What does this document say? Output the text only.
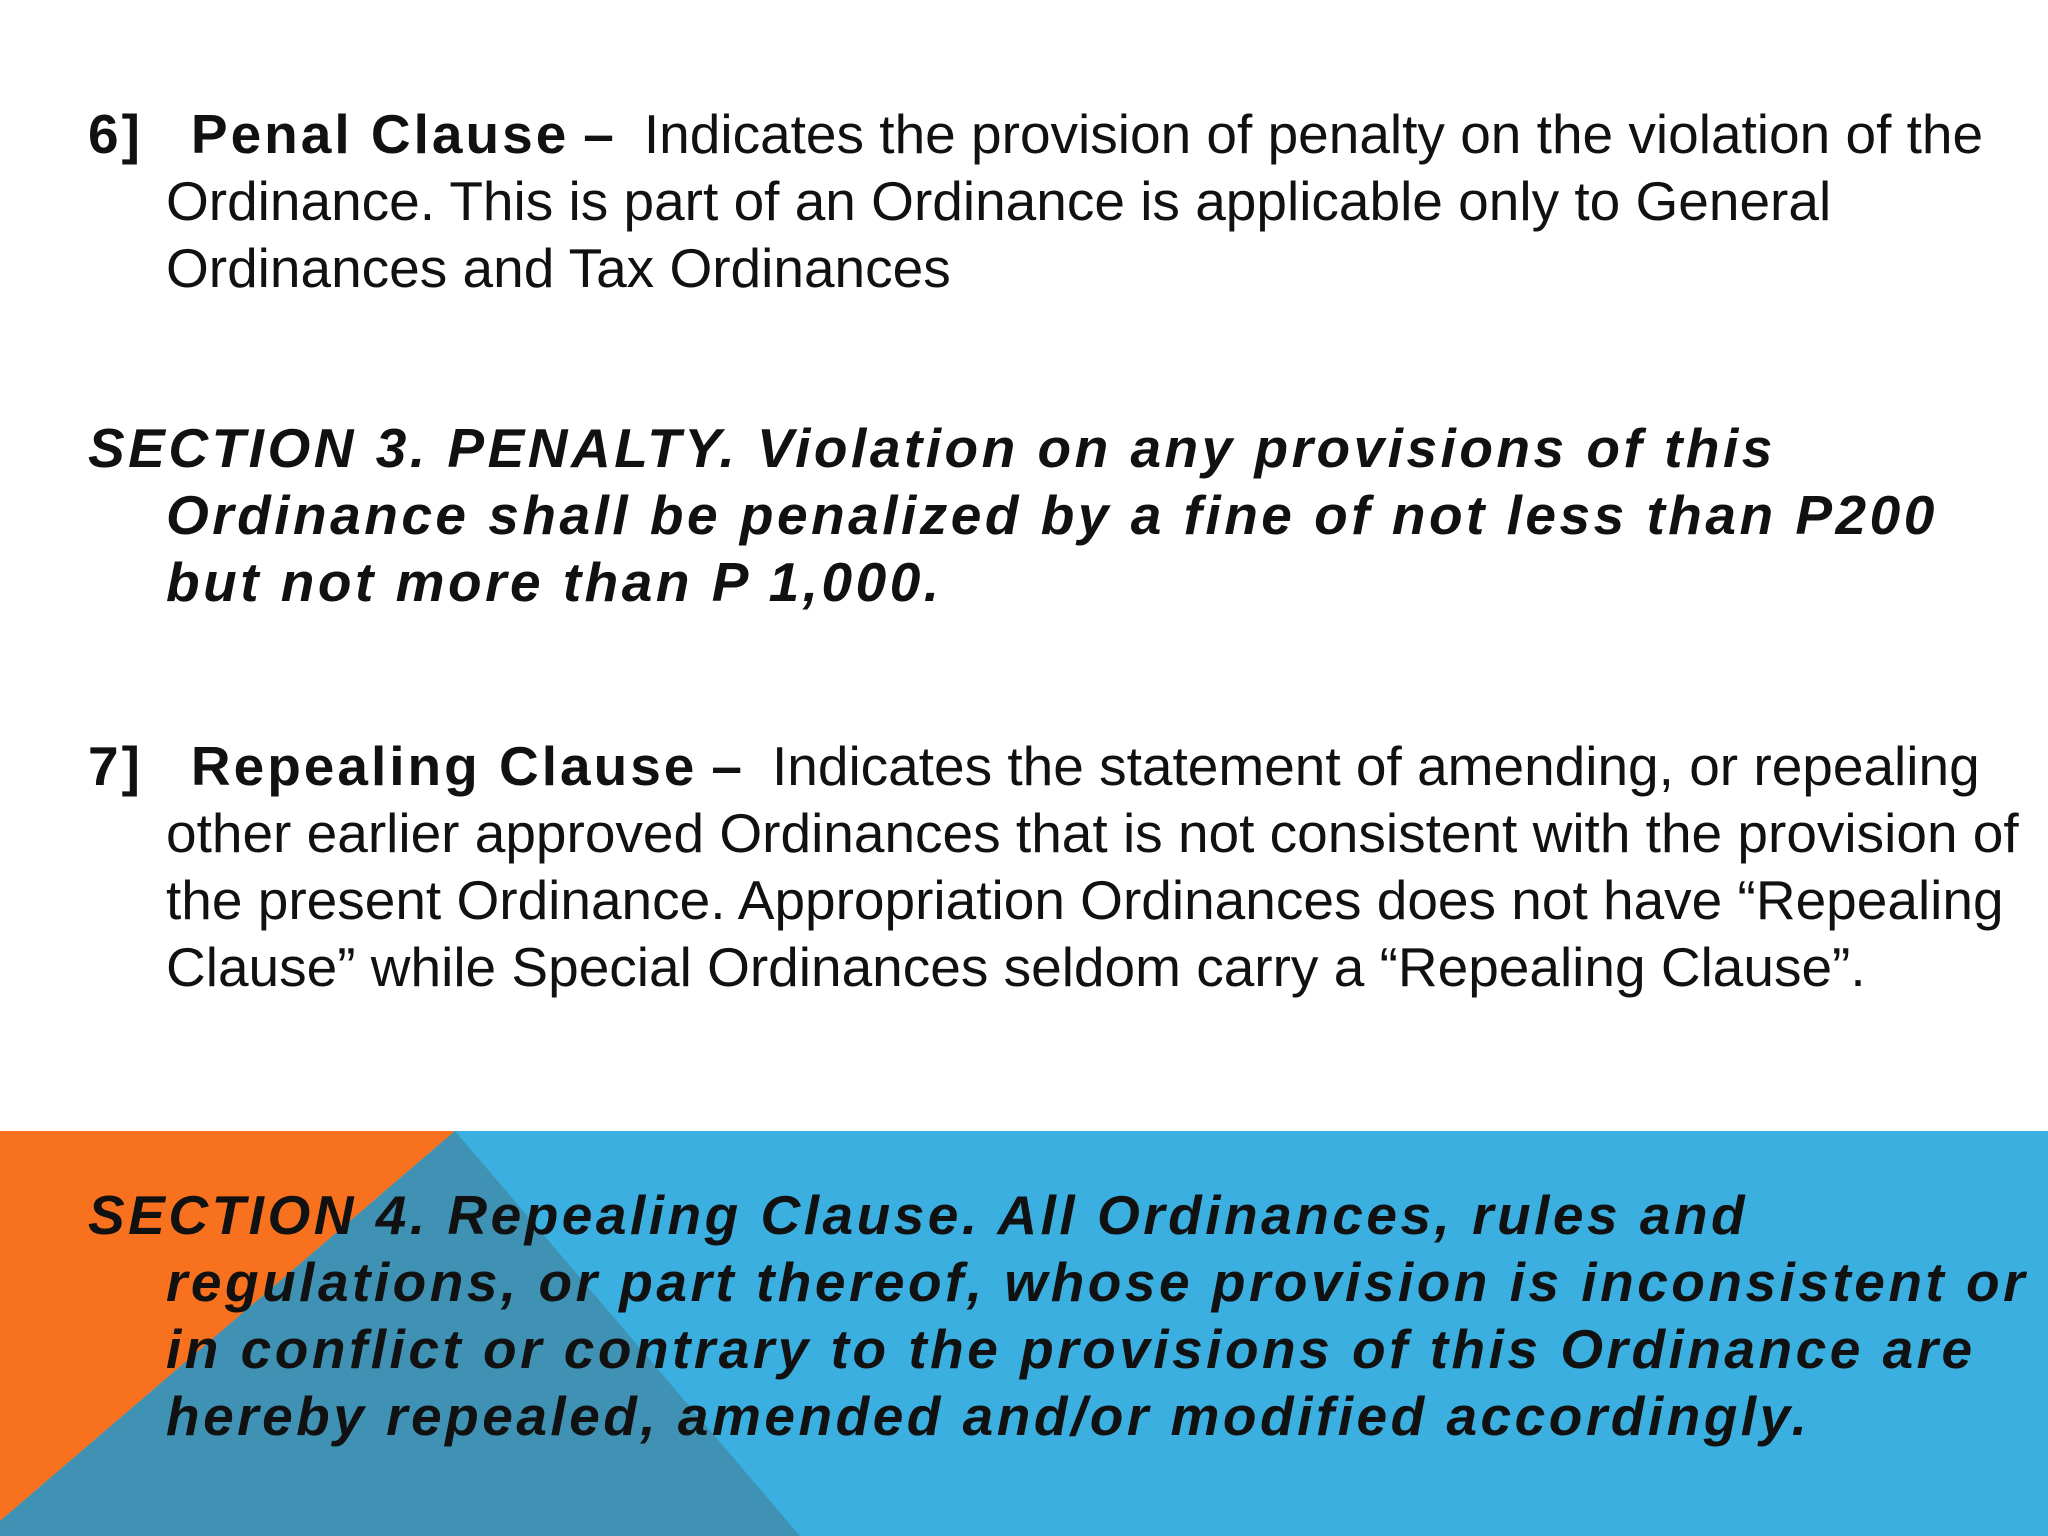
6] Penal Clause – Indicates the provision of penalty on the violation of the Ordinance. This is part of an Ordinance is applicable only to General Ordinances and Tax Ordinances

SECTION 3. PENALTY. Violation on any provisions of this Ordinance shall be penalized by a fine of not less than P200 but not more than P 1,000.

7] Repealing Clause – Indicates the statement of amending, or repealing other earlier approved Ordinances that is not consistent with the provision of the present Ordinance. Appropriation Ordinances does not have “Repealing Clause” while Special Ordinances seldom carry a “Repealing Clause”.

SECTION 4. Repealing Clause. All Ordinances, rules and regulations, or part thereof, whose provision is inconsistent or in conflict or contrary to the provisions of this Ordinance are hereby repealed, amended and/or modified accordingly.
